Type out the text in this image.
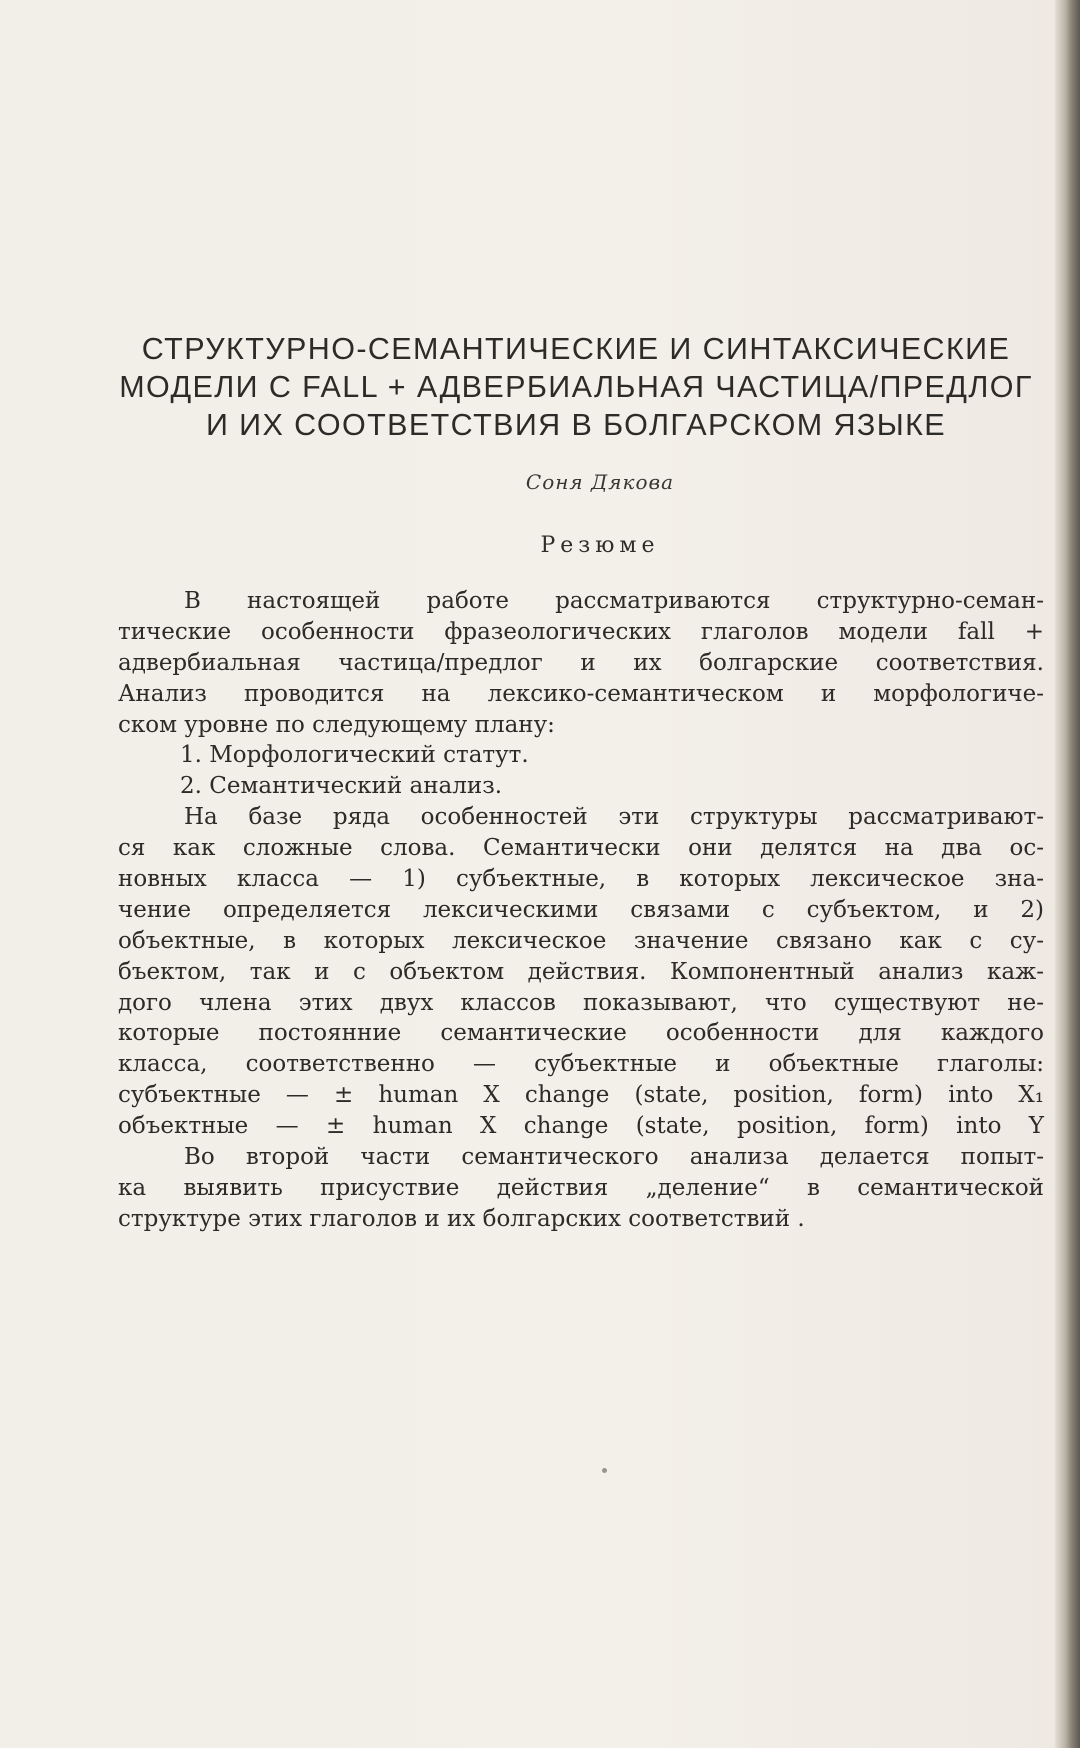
СТРУКТУРНО-СЕМАНТИЧЕСКИЕ И СИНТАКСИЧЕСКИЕ
МОДЕЛИ С FALL + АДВЕРБИАЛЬНАЯ ЧАСТИЦА/ПРЕДЛОГ
И ИХ СООТВЕТСТВИЯ В БОЛГАРСКОМ ЯЗЫКЕ
Соня Дякова
Резюме
В настоящей работе рассматриваются структурно-семан-
тические особенности фразеологических глаголов модели fall +
адвербиальная частица/предлог и их болгарские соответствия.
Анализ проводится на лексико-семантическом и морфологиче-
ском уровне по следующему плану:
1. Морфологический статут.
2. Семантический анализ.
На базе ряда особенностей эти структуры рассматривают-
ся как сложные слова. Семантически они делятся на два ос-
новных класса — 1) субъектные, в которых лексическое зна-
чение определяется лексическими связами с субъектом, и 2)
объектные, в которых лексическое значение связано как с су-
бъектом, так и с объектом действия. Компонентный анализ каж-
дого члена этих двух классов показывают, что существуют не-
которые постоянние семантические особенности для каждого
класса, соответственно — субъектные и объектные глаголы:
субъектные — ± human X change (state, position, form) into X₁
объектные — ± human X change (state, position, form) into Y
Во второй части семантического анализа делается попыт-
ка выявить присуствие действия „деление“ в семантической
структуре этих глаголов и их болгарских соответствий .
